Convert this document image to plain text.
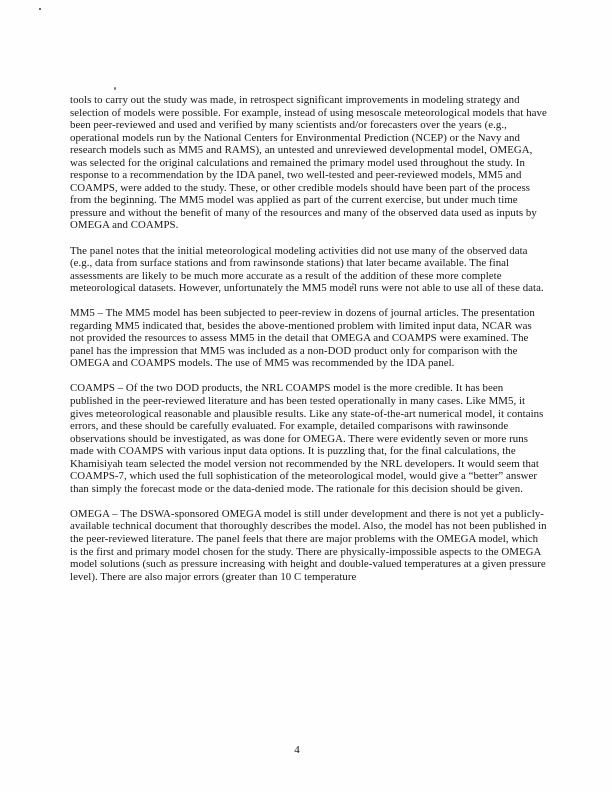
tools to carry out the study was made, in retrospect significant improvements in modeling strategy and selection of models were possible. For example, instead of using mesoscale meteorological models that have been peer-reviewed and used and verified by many scientists and/or forecasters over the years (e.g., operational models run by the National Centers for Environmental Prediction (NCEP) or the Navy and research models such as MM5 and RAMS), an untested and unreviewed developmental model, OMEGA, was selected for the original calculations and remained the primary model used throughout the study. In response to a recommendation by the IDA panel, two well-tested and peer-reviewed models, MM5 and COAMPS, were added to the study. These, or other credible models should have been part of the process from the beginning. The MM5 model was applied as part of the current exercise, but under much time pressure and without the benefit of many of the resources and many of the observed data used as inputs by OMEGA and COAMPS.

The panel notes that the initial meteorological modeling activities did not use many of the observed data (e.g., data from surface stations and from rawinsonde stations) that later became available. The final assessments are likely to be much more accurate as a result of the addition of these more complete meteorological datasets. However, unfortunately the MM5 model runs were not able to use all of these data.

MM5 – The MM5 model has been subjected to peer-review in dozens of journal articles. The presentation regarding MM5 indicated that, besides the above-mentioned problem with limited input data, NCAR was not provided the resources to assess MM5 in the detail that OMEGA and COAMPS were examined. The panel has the impression that MM5 was included as a non-DOD product only for comparison with the OMEGA and COAMPS models. The use of MM5 was recommended by the IDA panel.

COAMPS – Of the two DOD products, the NRL COAMPS model is the more credible. It has been published in the peer-reviewed literature and has been tested operationally in many cases. Like MM5, it gives meteorological reasonable and plausible results. Like any state-of-the-art numerical model, it contains errors, and these should be carefully evaluated. For example, detailed comparisons with rawinsonde observations should be investigated, as was done for OMEGA. There were evidently seven or more runs made with COAMPS with various input data options. It is puzzling that, for the final calculations, the Khamisiyah team selected the model version not recommended by the NRL developers. It would seem that COAMPS-7, which used the full sophistication of the meteorological model, would give a “better” answer than simply the forecast mode or the data-denied mode. The rationale for this decision should be given.

OMEGA – The DSWA-sponsored OMEGA model is still under development and there is not yet a publicly-available technical document that thoroughly describes the model. Also, the model has not been published in the peer-reviewed literature. The panel feels that there are major problems with the OMEGA model, which is the first and primary model chosen for the study. There are physically-impossible aspects to the OMEGA model solutions (such as pressure increasing with height and double-valued temperatures at a given pressure level). There are also major errors (greater than 10 C temperature

4
